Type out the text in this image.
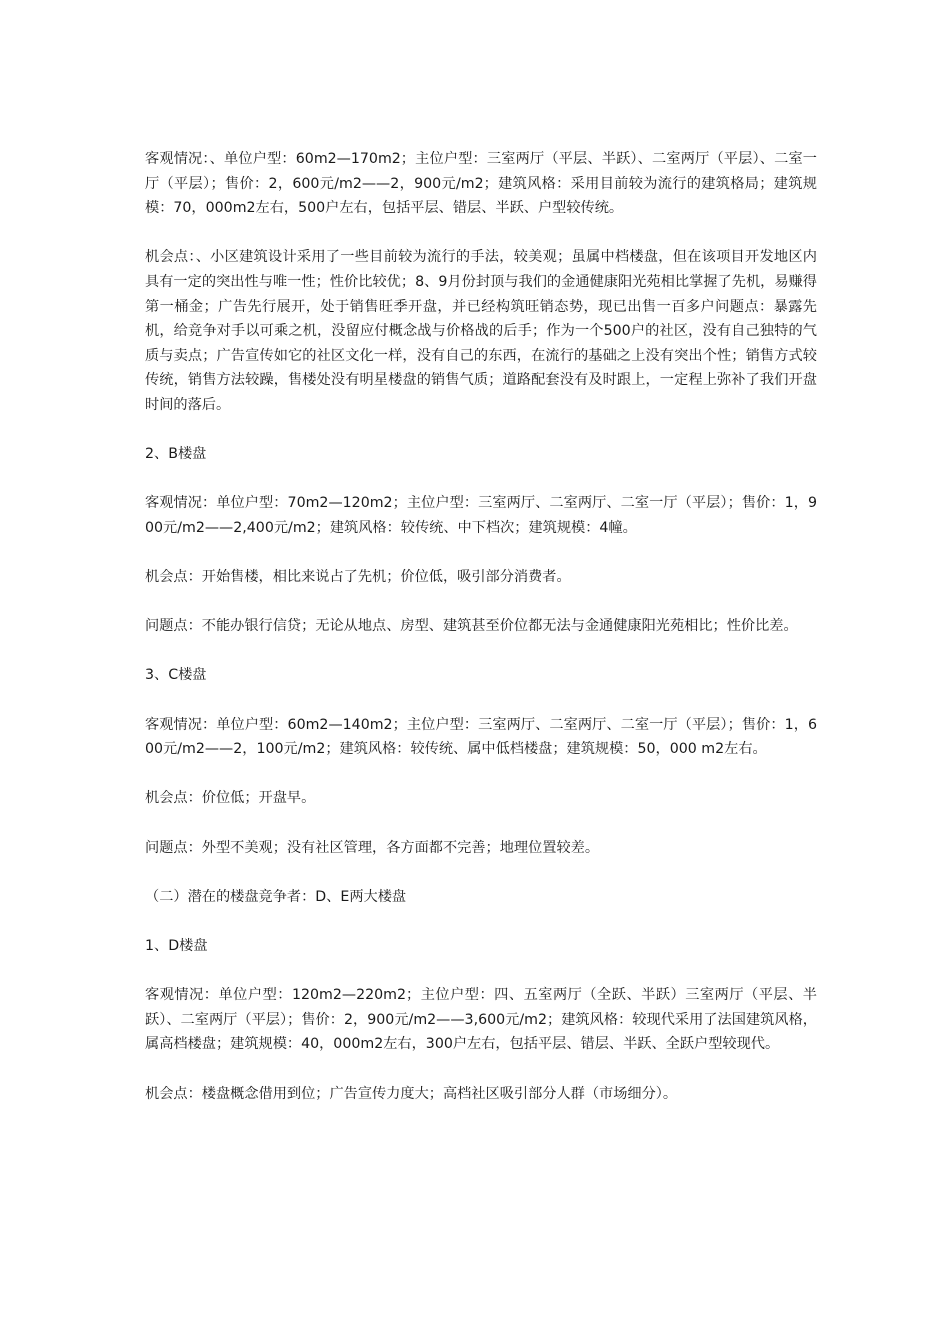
客观情况：、单位户型：60m2—170m2；主位户型：三室两厅（平层、半跃）、二室两厅（平层）、二室一厅（平层）；售价：2，600元/m2——2，900元/m2；建筑风格：采用目前较为流行的建筑格局；建筑规模：70，000m2左右，500户左右，包括平层、错层、半跃、户型较传统。

机会点：、小区建筑设计采用了一些目前较为流行的手法，较美观；虽属中档楼盘，但在该项目开发地区内具有一定的突出性与唯一性；性价比较优；8、9月份封顶与我们的金通健康阳光苑相比掌握了先机，易赚得第一桶金；广告先行展开，处于销售旺季开盘，并已经构筑旺销态势，现已出售一百多户问题点：暴露先机，给竞争对手以可乘之机，没留应付概念战与价格战的后手；作为一个500户的社区，没有自己独特的气质与卖点；广告宣传如它的社区文化一样，没有自己的东西，在流行的基础之上没有突出个性；销售方式较传统，销售方法较躁，售楼处没有明星楼盘的销售气质；道路配套没有及时跟上，一定程上弥补了我们开盘时间的落后。

2、B楼盘

客观情况：单位户型：70m2—120m2；主位户型：三室两厅、二室两厅、二室一厅（平层）；售价：1，900元/m2——2,400元/m2；建筑风格：较传统、中下档次；建筑规模：4幢。

机会点：开始售楼，相比来说占了先机；价位低，吸引部分消费者。

问题点：不能办银行信贷；无论从地点、房型、建筑甚至价位都无法与金通健康阳光苑相比；性价比差。

3、C楼盘

客观情况：单位户型：60m2—140m2；主位户型：三室两厅、二室两厅、二室一厅（平层）；售价：1，600元/m2——2，100元/m2；建筑风格：较传统、属中低档楼盘；建筑规模：50，000 m2左右。

机会点：价位低；开盘早。

问题点：外型不美观；没有社区管理，各方面都不完善；地理位置较差。

（二）潜在的楼盘竞争者：D、E两大楼盘

1、D楼盘

客观情况：单位户型：120m2—220m2；主位户型：四、五室两厅（全跃、半跃）三室两厅（平层、半跃）、二室两厅（平层）；售价：2，900元/m2——3,600元/m2；建筑风格：较现代采用了法国建筑风格，属高档楼盘；建筑规模：40，000m2左右，300户左右，包括平层、错层、半跃、全跃户型较现代。

机会点：楼盘概念借用到位；广告宣传力度大；高档社区吸引部分人群（市场细分）。
